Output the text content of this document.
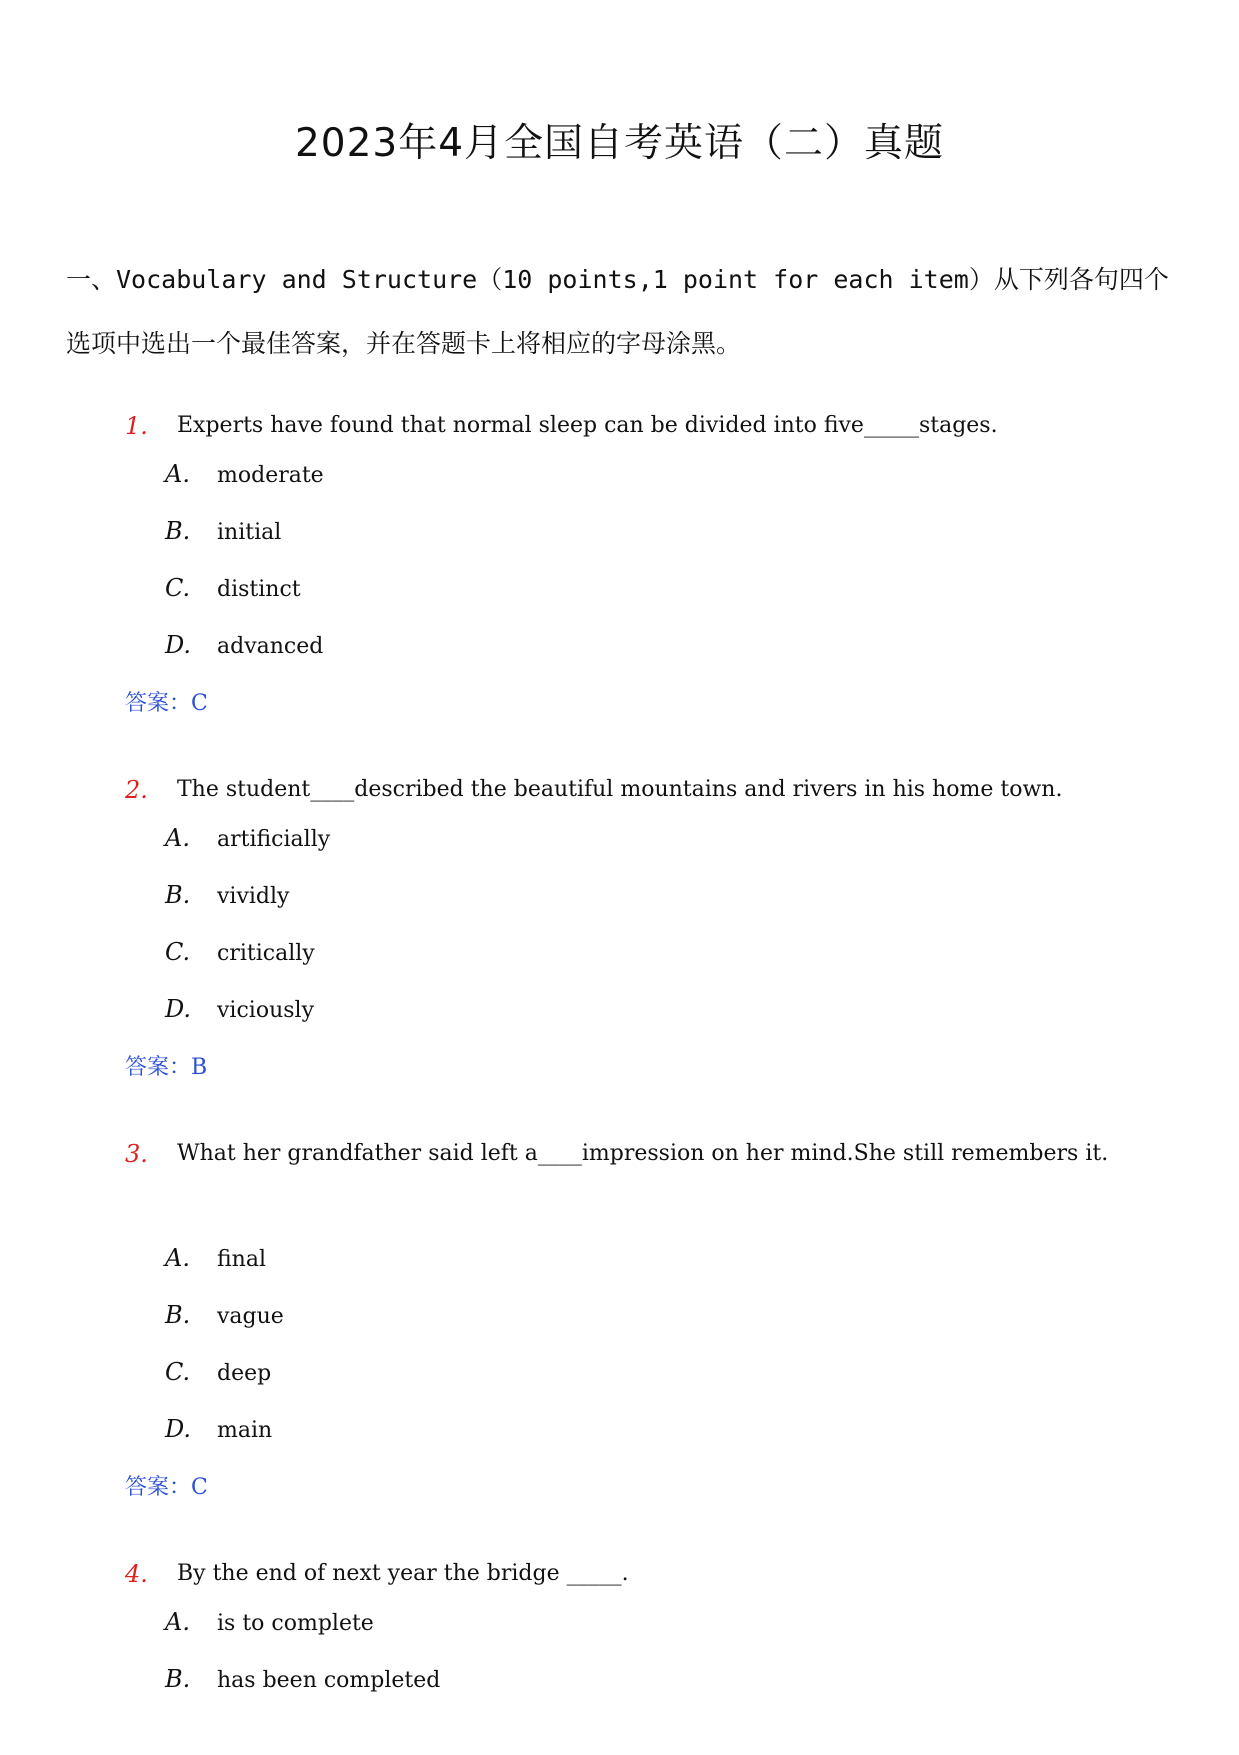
2023年4月全国自考英语（二）真题
一、Vocabulary and Structure（10 points,1 point for each item）从下列各句四个选项中选出一个最佳答案，并在答题卡上将相应的字母涂黑。
1.	Experts have found that normal sleep can be divided into five_____stages.
A. moderate
B. initial
C. distinct
D. advanced
答案：C
2.	The student____described the beautiful mountains and rivers in his home town.
A. artificially
B. vividly
C. critically
D. viciously
答案：B
3.	What her grandfather said left a____impression on her mind.She still remembers it.
A. final
B. vague
C. deep
D. main
答案：C
4.	By the end of next year the bridge _____.
A. is to complete
B. has been completed
